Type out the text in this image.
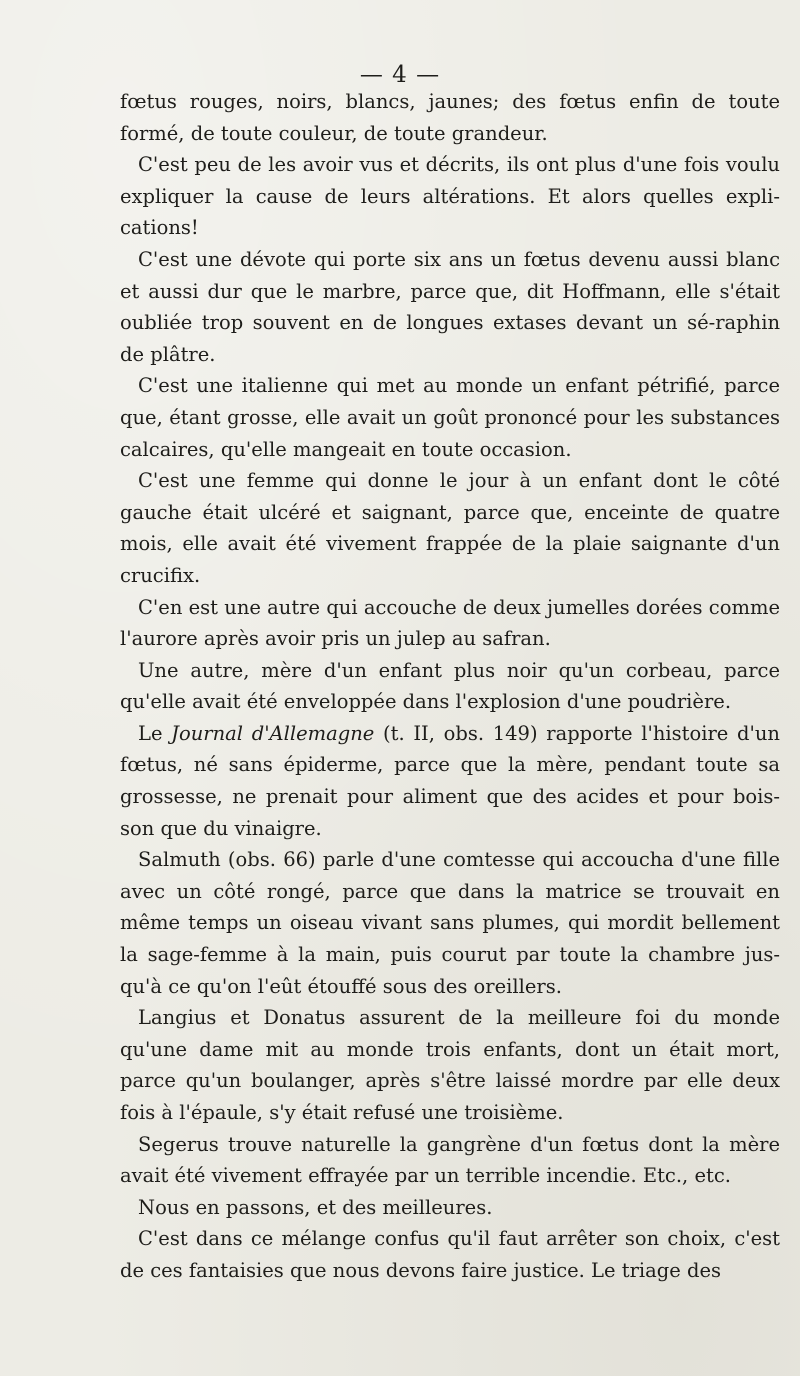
— 4 —

fœtus rouges, noirs, blancs, jaunes; des fœtus enfin de toute formé, de toute couleur, de toute grandeur.

C'est peu de les avoir vus et décrits, ils ont plus d'une fois voulu expliquer la cause de leurs altérations. Et alors quelles expli-cations!

C'est une dévote qui porte six ans un fœtus devenu aussi blanc et aussi dur que le marbre, parce que, dit Hoffmann, elle s'était oubliée trop souvent en de longues extases devant un sé-raphin de plâtre.

C'est une italienne qui met au monde un enfant pétrifié, parce que, étant grosse, elle avait un goût prononcé pour les substances calcaires, qu'elle mangeait en toute occasion.

C'est une femme qui donne le jour à un enfant dont le côté gauche était ulcéré et saignant, parce que, enceinte de quatre mois, elle avait été vivement frappée de la plaie saignante d'un crucifix.

C'en est une autre qui accouche de deux jumelles dorées comme l'aurore après avoir pris un julep au safran.

Une autre, mère d'un enfant plus noir qu'un corbeau, parce qu'elle avait été enveloppée dans l'explosion d'une poudrière.

Le Journal d'Allemagne (t. II, obs. 149) rapporte l'histoire d'un fœtus, né sans épiderme, parce que la mère, pendant toute sa grossesse, ne prenait pour aliment que des acides et pour bois-son que du vinaigre.

Salmuth (obs. 66) parle d'une comtesse qui accoucha d'une fille avec un côté rongé, parce que dans la matrice se trouvait en même temps un oiseau vivant sans plumes, qui mordit bellement la sage-femme à la main, puis courut par toute la chambre jus-qu'à ce qu'on l'eût étouffé sous des oreillers.

Langius et Donatus assurent de la meilleure foi du monde qu'une dame mit au monde trois enfants, dont un était mort, parce qu'un boulanger, après s'être laissé mordre par elle deux fois à l'épaule, s'y était refusé une troisième.

Segerus trouve naturelle la gangrène d'un fœtus dont la mère avait été vivement effrayée par un terrible incendie. Etc., etc.

Nous en passons, et des meilleures.

C'est dans ce mélange confus qu'il faut arrêter son choix, c'est de ces fantaisies que nous devons faire justice. Le triage des
